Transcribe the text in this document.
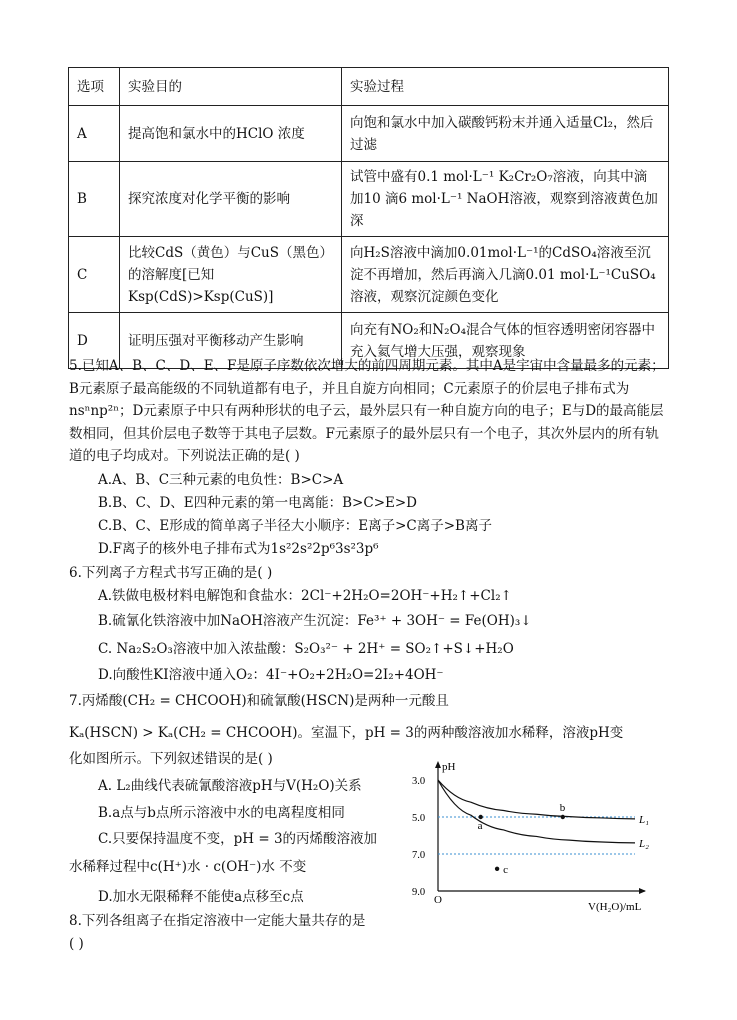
选项	实验目的	实验过程
A	提高饱和氯水中的HClO 浓度	向饱和氯水中加入碳酸钙粉末并通入适量Cl₂，然后过滤
B	探究浓度对化学平衡的影响	试管中盛有0.1 mol·L⁻¹ K₂Cr₂O₇溶液，向其中滴加10 滴6 mol·L⁻¹ NaOH溶液，观察到溶液黄色加深
C	比较CdS（黄色）与CuS（黑色）的溶解度[已知Ksp(CdS)>Ksp(CuS)]	向H₂S溶液中滴加0.01mol·L⁻¹的CdSO₄溶液至沉淀不再增加，然后再滴入几滴0.01 mol·L⁻¹CuSO₄溶液，观察沉淀颜色变化
D	证明压强对平衡移动产生影响	向充有NO₂和N₂O₄混合气体的恒容透明密闭容器中充入氦气增大压强，观察现象
5.已知A、B、C、D、E、F是原子序数依次增大的前四周期元素。其中A是宇宙中含量最多的元素；B元素原子最高能级的不同轨道都有电子，并且自旋方向相同；C元素原子的价层电子排布式为nsⁿnp²ⁿ；D元素原子中只有两种形状的电子云，最外层只有一种自旋方向的电子；E与D的最高能层数相同，但其价层电子数等于其电子层数。F元素原子的最外层只有一个电子，其次外层内的所有轨道的电子均成对。下列说法正确的是( )
A.A、B、C三种元素的电负性：B>C>A
B.B、C、D、E四种元素的第一电离能：B>C>E>D
C.B、C、E形成的简单离子半径大小顺序：E离子>C离子>B离子
D.F离子的核外电子排布式为1s²2s²2p⁶3s²3p⁶
6.下列离子方程式书写正确的是( )
A.铁做电极材料电解饱和食盐水：2Cl⁻+2H₂O=2OH⁻+H₂↑+Cl₂↑
B.硫氰化铁溶液中加NaOH溶液产生沉淀：Fe³⁺ + 3OH⁻ = Fe(OH)₃↓
C. Na₂S₂O₃溶液中加入浓盐酸：S₂O₃²⁻ + 2H⁺ = SO₂↑+S↓+H₂O
D.向酸性KI溶液中通入O₂：4I⁻+O₂+2H₂O=2I₂+4OH⁻
7.丙烯酸(CH₂ = CHCOOH)和硫氰酸(HSCN)是两种一元酸且
Kₐ(HSCN) > Kₐ(CH₂ = CHCOOH)。室温下，pH = 3的两种酸溶液加水稀释，溶液pH变
化如图所示。下列叙述错误的是( )
A. L₂曲线代表硫氰酸溶液pH与V(H₂O)关系
B.a点与b点所示溶液中水的电离程度相同
C.只要保持温度不变，pH = 3的丙烯酸溶液加
水稀释过程中c(H⁺)水 · c(OH⁻)水 不变
D.加水无限稀释不能使a点移至c点
8.下列各组离子在指定溶液中一定能大量共存的是
( )
pH
V(H₂O)/mL
O
3.0
5.0
7.0
9.0
L₁
L₂
a
b
c
